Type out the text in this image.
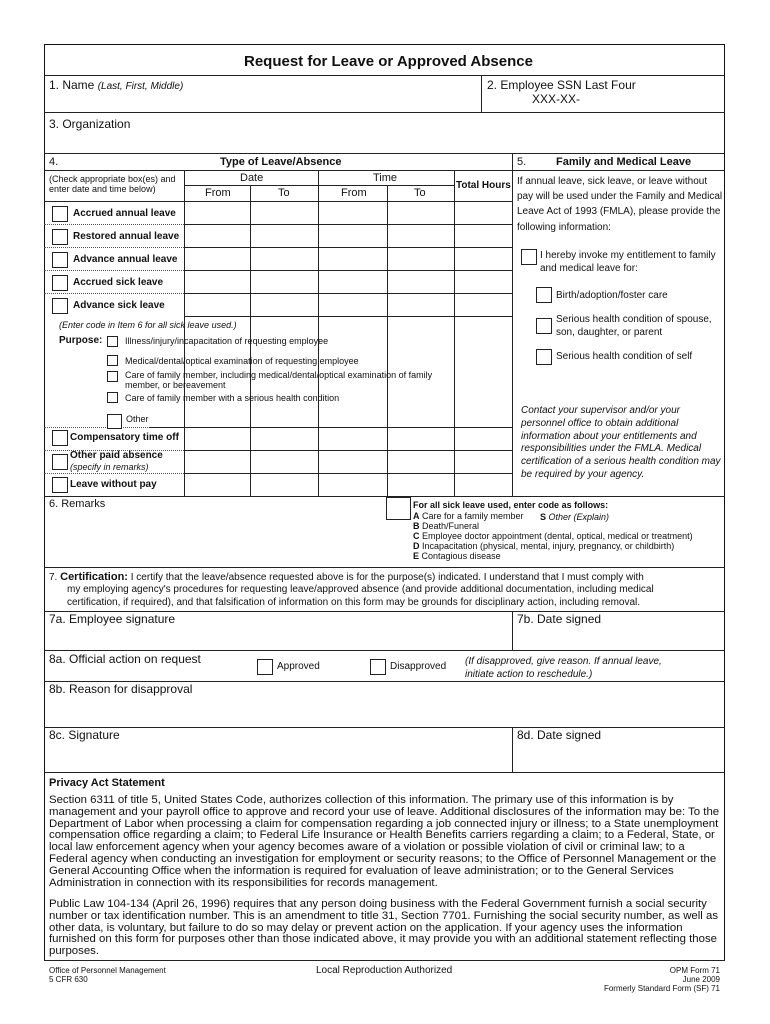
Request for Leave or Approved Absence
1. Name (Last, First, Middle)	2. Employee SSN Last Four
XXX-XX-
3. Organization
4.	Type of Leave/Absence
(Check appropriate box(es) and enter date and time below)
Date	Time
From	To	From	To
Total Hours
Accrued annual leave
Restored annual leave
Advance annual leave
Accrued sick leave
Advance sick leave
(Enter code in Item 6 for all sick leave used.)
Purpose:	Illness/injury/incapacitation of requesting employee
Medical/dental/optical examination of requesting employee
Care of family member, including medical/dental/optical examination of family member, or bereavement
Care of family member with a serious health condition
Other
Compensatory time off
Other paid absence
(specify in remarks)
Leave without pay
5.	Family and Medical Leave
If annual leave, sick leave, or leave without pay will be used under the Family and Medical Leave Act of 1993 (FMLA), please provide the following information:
I hereby invoke my entitlement to family and medical leave for:
Birth/adoption/foster care
Serious health condition of spouse, son, daughter, or parent
Serious health condition of self
Contact your supervisor and/or your personnel office to obtain additional information about your entitlements and responsibilities under the FMLA. Medical certification of a serious health condition may be required by your agency.
6. Remarks	For all sick leave used, enter code as follows:
A Care for a family member S Other (Explain)
B Death/Funeral
C Employee doctor appointment (dental, optical, medical or treatment)
D Incapacitation (physical, mental, injury, pregnancy, or childbirth)
E Contagious disease
7. Certification: I certify that the leave/absence requested above is for the purpose(s) indicated. I understand that I must comply with
my employing agency's procedures for requesting leave/approved absence (and provide additional documentation, including medical
certification, if required), and that falsification of information on this form may be grounds for disciplinary action, including removal.
7a. Employee signature	7b. Date signed
8a. Official action on request
Approved	Disapproved (If disapproved, give reason. If annual leave, initiate action to reschedule.)
8b. Reason for disapproval
8c. Signature	8d. Date signed
Privacy Act Statement
Section 6311 of title 5, United States Code, authorizes collection of this information. The primary use of this information is by management and your payroll office to approve and record your use of leave. Additional disclosures of the information may be: To the Department of Labor when processing a claim for compensation regarding a job connected injury or illness; to a State unemployment compensation office regarding a claim; to Federal Life Insurance or Health Benefits carriers regarding a claim; to a Federal, State, or local law enforcement agency when your agency becomes aware of a violation or possible violation of civil or criminal law; to a Federal agency when conducting an investigation for employment or security reasons; to the Office of Personnel Management or the General Accounting Office when the information is required for evaluation of leave administration; or to the General Services Administration in connection with its responsibilities for records management.
Public Law 104-134 (April 26, 1996) requires that any person doing business with the Federal Government furnish a social security number or tax identification number. This is an amendment to title 31, Section 7701. Furnishing the social security number, as well as other data, is voluntary, but failure to do so may delay or prevent action on the application. If your agency uses the information furnished on this form for purposes other than those indicated above, it may provide you with an additional statement reflecting those purposes.
Office of Personnel Management
5 CFR 630
Local Reproduction Authorized	OPM Form 71
June 2009
Formerly Standard Form (SF) 71
